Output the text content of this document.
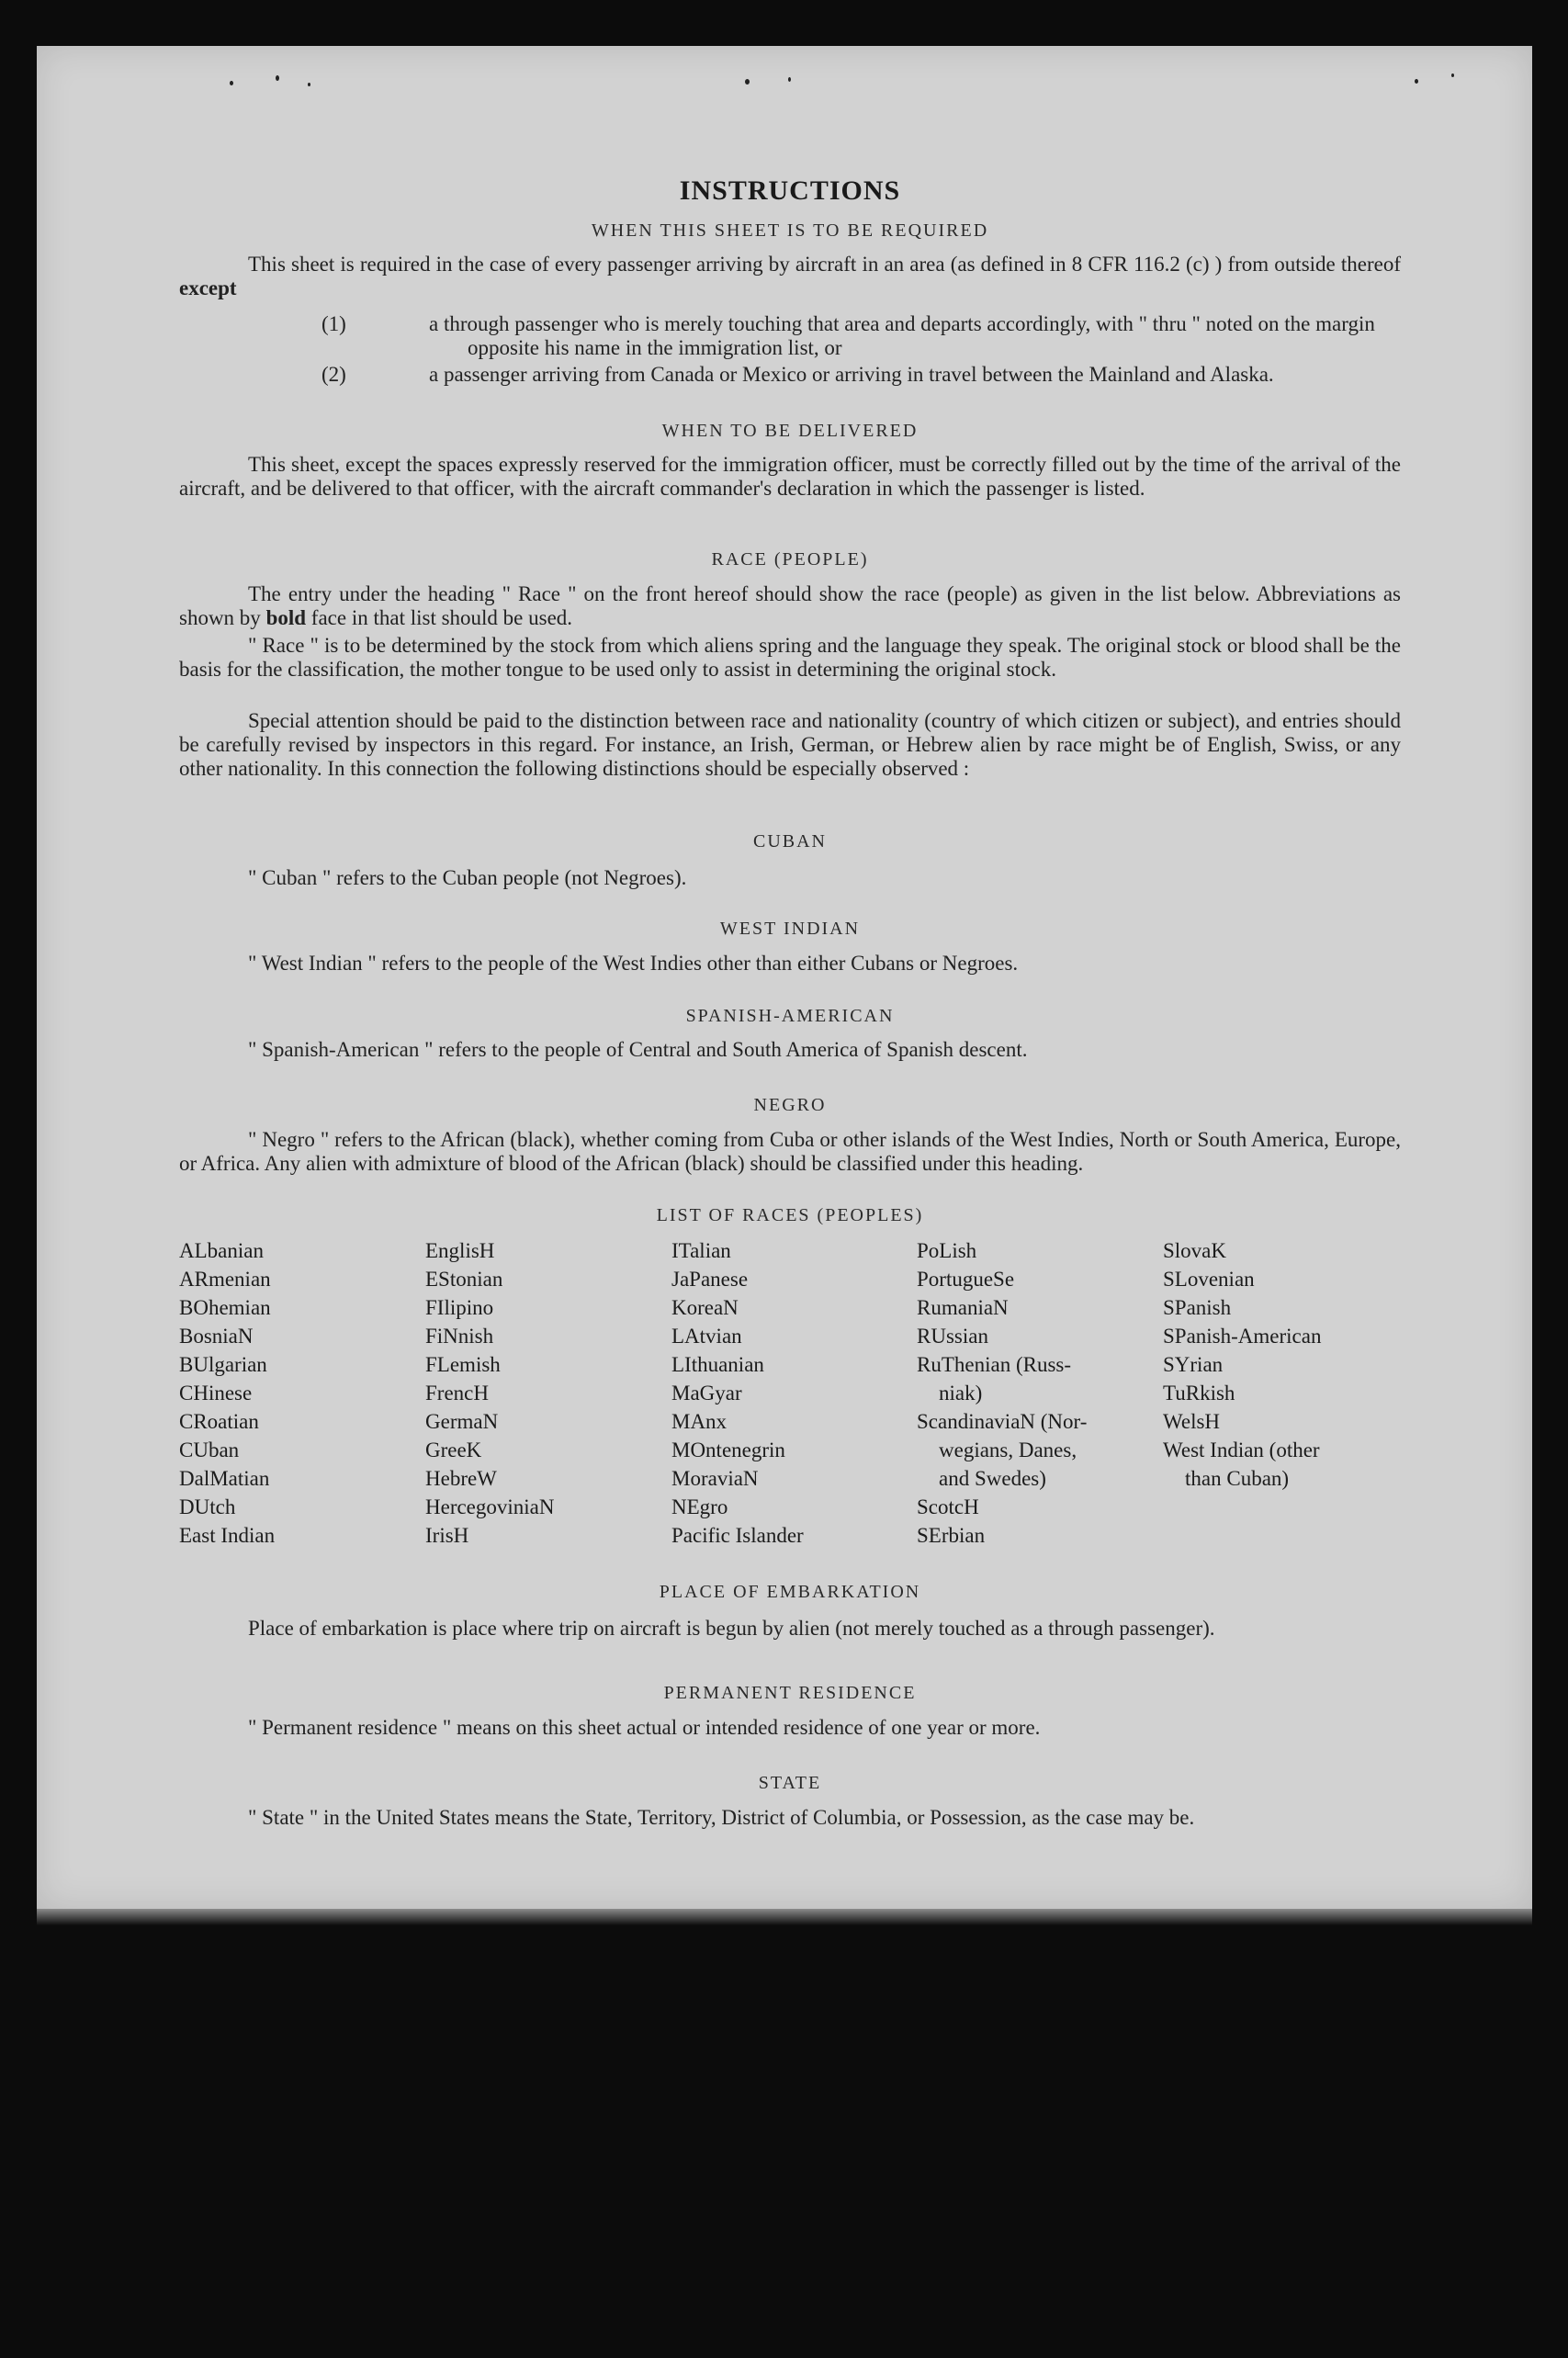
INSTRUCTIONS
WHEN THIS SHEET IS TO BE REQUIRED
This sheet is required in the case of every passenger arriving by aircraft in an area (as defined in 8 CFR 116.2 (c) ) from outside thereof except
(1)	a through passenger who is merely touching that area and departs accordingly, with " thru " noted on the margin opposite his name in the immigration list, or
(2)	a passenger arriving from Canada or Mexico or arriving in travel between the Mainland and Alaska.
WHEN TO BE DELIVERED
This sheet, except the spaces expressly reserved for the immigration officer, must be correctly filled out by the time of the arrival of the aircraft, and be delivered to that officer, with the aircraft commander's declaration in which the passenger is listed.
RACE (PEOPLE)
The entry under the heading " Race " on the front hereof should show the race (people) as given in the list below. Abbreviations as shown by bold face in that list should be used.
" Race " is to be determined by the stock from which aliens spring and the language they speak. The original stock or blood shall be the basis for the classification, the mother tongue to be used only to assist in determining the original stock.
Special attention should be paid to the distinction between race and nationality (country of which citizen or subject), and entries should be carefully revised by inspectors in this regard. For instance, an Irish, German, or Hebrew alien by race might be of English, Swiss, or any other nationality. In this connection the following distinctions should be especially observed :
CUBAN
" Cuban " refers to the Cuban people (not Negroes).
WEST INDIAN
" West Indian " refers to the people of the West Indies other than either Cubans or Negroes.
SPANISH-AMERICAN
" Spanish-American " refers to the people of Central and South America of Spanish descent.
NEGRO
" Negro " refers to the African (black), whether coming from Cuba or other islands of the West Indies, North or South America, Europe, or Africa. Any alien with admixture of blood of the African (black) should be classified under this heading.
LIST OF RACES (PEOPLES)
ALbanian
ARmenian
BOhemian
BosniaN
BUlgarian
CHinese
CRoatian
CUban
DalMatian
DUtch
East Indian
EnglisH
EStonian
FIlipino
FiNnish
FLemish
FrencH
GermaN
GreeK
HebreW
HercegoviniaN
IrisH
ITalian
JaPanese
KoreaN
LAtvian
LIthuanian
MaGyar
MAnx
MOntenegrin
MoraviaN
NEgro
Pacific Islander
PoLish
PortugueSe
RumaniaN
RUssian
RuThenian (Russ-
niak)
ScandinaviaN (Nor-
wegians, Danes,
and Swedes)
ScotcH
SErbian
SlovaK
SLovenian
SPanish
SPanish-American
SYrian
TuRkish
WelsH
West Indian (other
than Cuban)
PLACE OF EMBARKATION
Place of embarkation is place where trip on aircraft is begun by alien (not merely touched as a through passenger).
PERMANENT RESIDENCE
" Permanent residence " means on this sheet actual or intended residence of one year or more.
STATE
" State " in the United States means the State, Territory, District of Columbia, or Possession, as the case may be.
